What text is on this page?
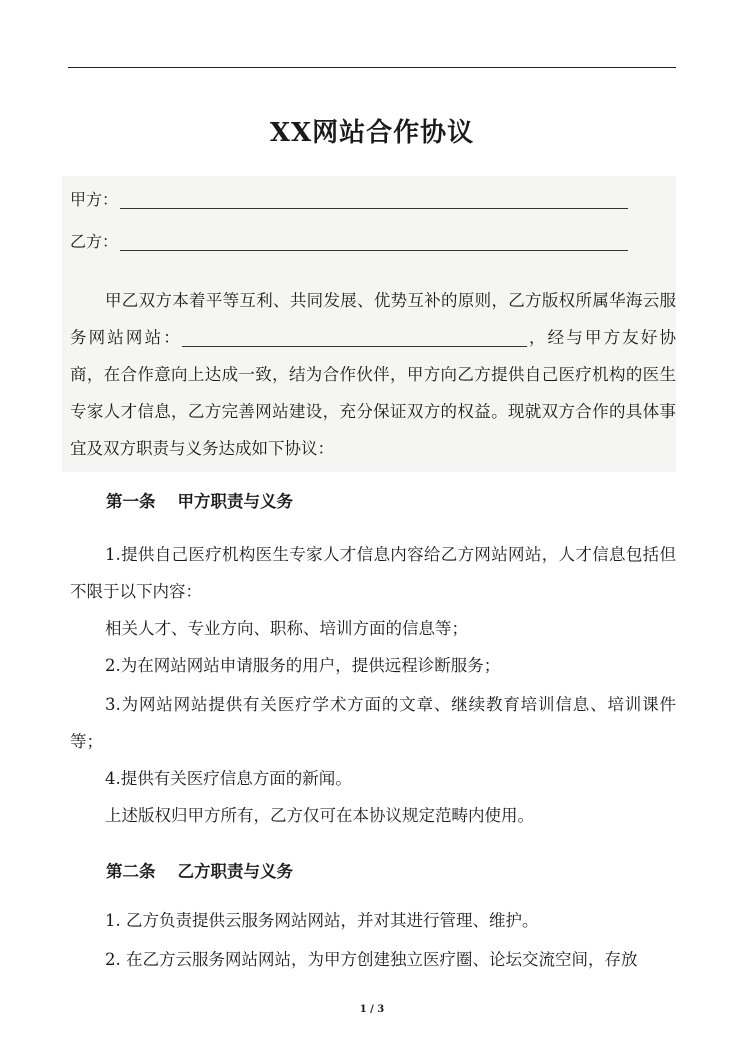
XX网站合作协议
甲方：
乙方：

甲乙双方本着平等互利、共同发展、优势互补的原则，乙方版权所属华海云服务网站网站：	，经与甲方友好协商，在合作意向上达成一致，结为合作伙伴，甲方向乙方提供自己医疗机构的医生专家人才信息，乙方完善网站建设，充分保证双方的权益。现就双方合作的具体事宜及双方职责与义务达成如下协议：

第一条 甲方职责与义务

1.提供自己医疗机构医生专家人才信息内容给乙方网站网站，人才信息包括但不限于以下内容：

相关人才、专业方向、职称、培训方面的信息等；

2.为在网站网站申请服务的用户，提供远程诊断服务；

3.为网站网站提供有关医疗学术方面的文章、继续教育培训信息、培训课件等；

4.提供有关医疗信息方面的新闻。

上述版权归甲方所有，乙方仅可在本协议规定范畴内使用。

第二条 乙方职责与义务

1. 乙方负责提供云服务网站网站，并对其进行管理、维护。

2. 在乙方云服务网站网站，为甲方创建独立医疗圈、论坛交流空间，存放

1 / 3
